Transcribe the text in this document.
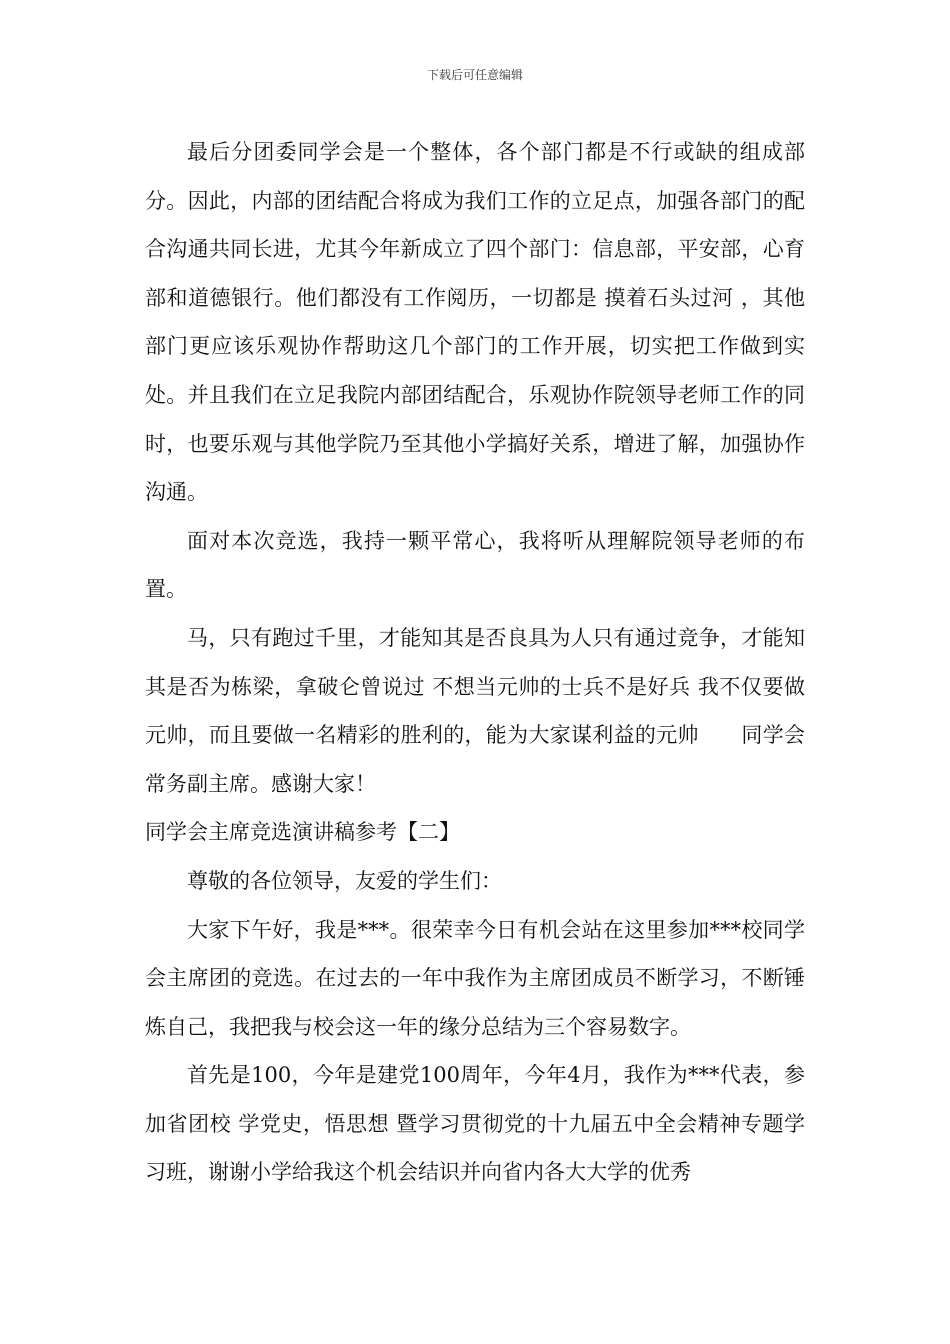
下载后可任意编辑

最后分团委同学会是一个整体，各个部门都是不行或缺的组成部分。因此，内部的团结配合将成为我们工作的立足点，加强各部门的配合沟通共同长进，尤其今年新成立了四个部门：信息部，平安部，心育部和道德银行。他们都没有工作阅历，一切都是 摸着石头过河 ，其他部门更应该乐观协作帮助这几个部门的工作开展，切实把工作做到实处。并且我们在立足我院内部团结配合，乐观协作院领导老师工作的同时，也要乐观与其他学院乃至其他小学搞好关系，增进了解，加强协作沟通。

面对本次竞选，我持一颗平常心，我将听从理解院领导老师的布置。

马，只有跑过千里，才能知其是否良具为人只有通过竞争，才能知其是否为栋梁，拿破仑曾说过 不想当元帅的士兵不是好兵 我不仅要做元帅，而且要做一名精彩的胜利的，能为大家谋利益的元帅　　同学会常务副主席。感谢大家！

同学会主席竞选演讲稿参考【二】

尊敬的各位领导，友爱的学生们：

大家下午好，我是***。很荣幸今日有机会站在这里参加***校同学会主席团的竞选。在过去的一年中我作为主席团成员不断学习，不断锤炼自己，我把我与校会这一年的缘分总结为三个容易数字。

首先是100，今年是建党100周年，今年4月，我作为***代表，参加省团校 学党史，悟思想 暨学习贯彻党的十九届五中全会精神专题学习班，谢谢小学给我这个机会结识并向省内各大大学的优秀
